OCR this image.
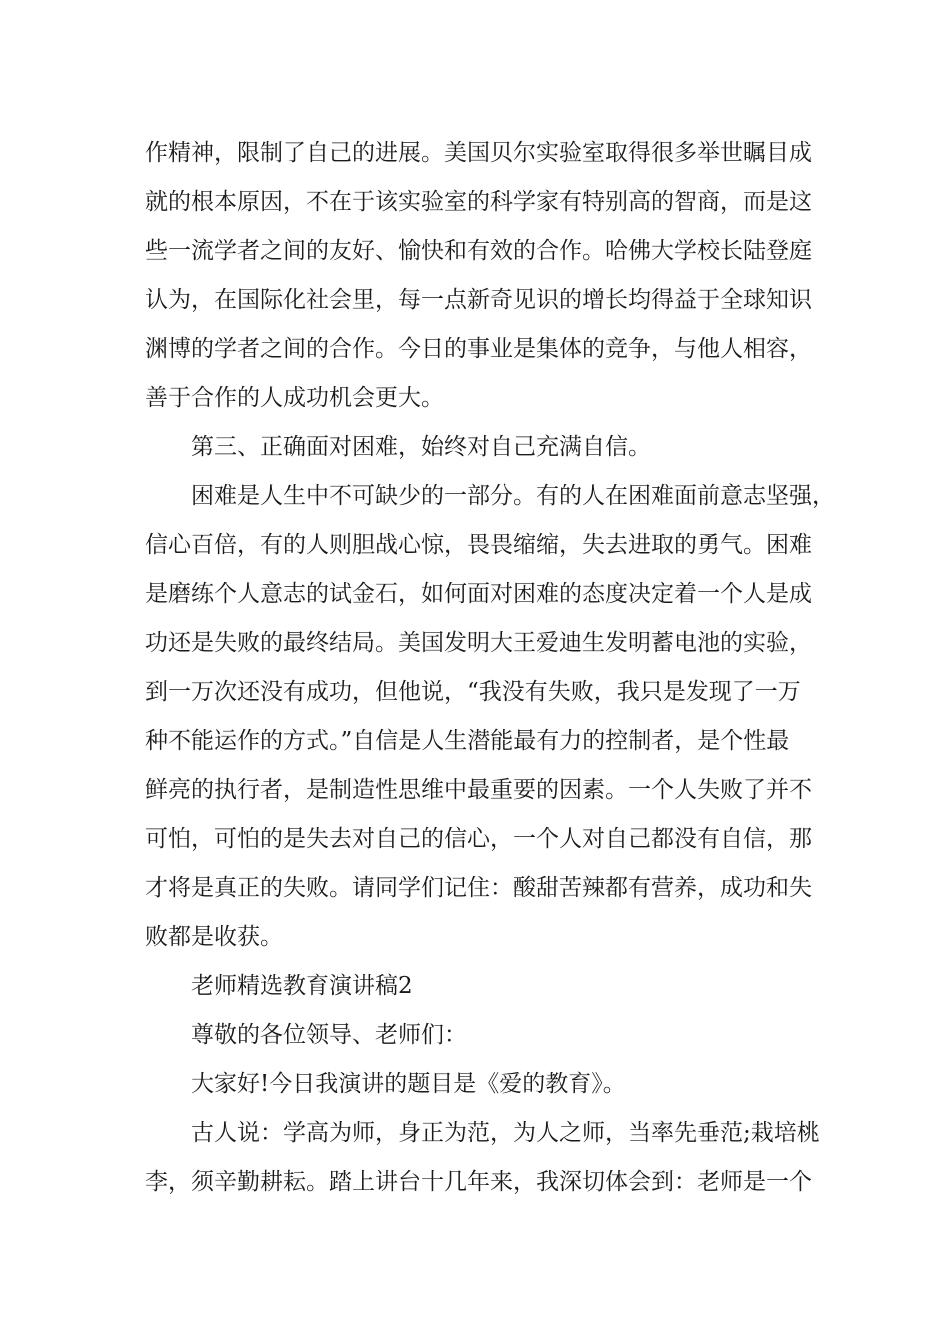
作精神，限制了自己的进展。美国贝尔实验室取得很多举世瞩目成
就的根本原因，不在于该实验室的科学家有特别高的智商，而是这
些一流学者之间的友好、愉快和有效的合作。哈佛大学校长陆登庭
认为，在国际化社会里，每一点新奇见识的增长均得益于全球知识
渊博的学者之间的合作。今日的事业是集体的竞争，与他人相容，
善于合作的人成功机会更大。
第三、正确面对困难，始终对自己充满自信。
困难是人生中不可缺少的一部分。有的人在困难面前意志坚强，
信心百倍，有的人则胆战心惊，畏畏缩缩，失去进取的勇气。困难
是磨练个人意志的试金石，如何面对困难的态度决定着一个人是成
功还是失败的最终结局。美国发明大王爱迪生发明蓄电池的实验，
到一万次还没有成功，但他说，“我没有失败，我只是发现了一万
种不能运作的方式。”自信是人生潜能最有力的控制者，是个性最
鲜亮的执行者，是制造性思维中最重要的因素。一个人失败了并不
可怕，可怕的是失去对自己的信心，一个人对自己都没有自信，那
才将是真正的失败。请同学们记住：酸甜苦辣都有营养，成功和失
败都是收获。
老师精选教育演讲稿2
尊敬的各位领导、老师们：
大家好!今日我演讲的题目是《爱的教育》。
古人说：学高为师，身正为范，为人之师，当率先垂范;栽培桃
李，须辛勤耕耘。踏上讲台十几年来，我深切体会到：老师是一个
